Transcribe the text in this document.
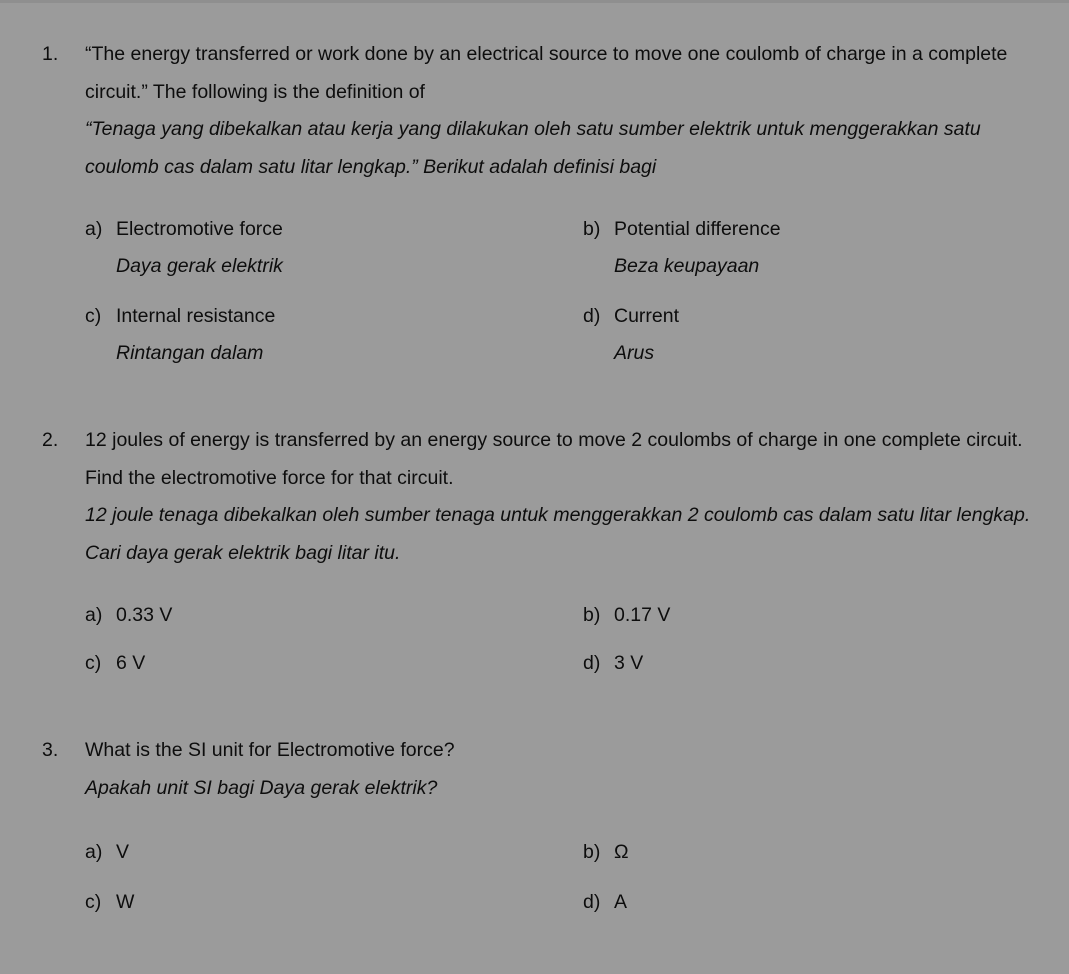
1. “The energy transferred or work done by an electrical source to move one coulomb of charge in a complete circuit.” The following is the definition of
“Tenaga yang dibekalkan atau kerja yang dilakukan oleh satu sumber elektrik untuk menggerakkan satu coulomb cas dalam satu litar lengkap.” Berikut adalah definisi bagi
a) Electromotive force
Daya gerak elektrik
b) Potential difference
Beza keupayaan
c) Internal resistance
Rintangan dalam
d) Current
Arus
2. 12 joules of energy is transferred by an energy source to move 2 coulombs of charge in one complete circuit. Find the electromotive force for that circuit.
12 joule tenaga dibekalkan oleh sumber tenaga untuk menggerakkan 2 coulomb cas dalam satu litar lengkap. Cari daya gerak elektrik bagi litar itu.
a) 0.33 V	b) 0.17 V
c) 6 V	d) 3 V
3. What is the SI unit for Electromotive force?
Apakah unit SI bagi Daya gerak elektrik?
a) V	b) Ω
c) W	d) A
